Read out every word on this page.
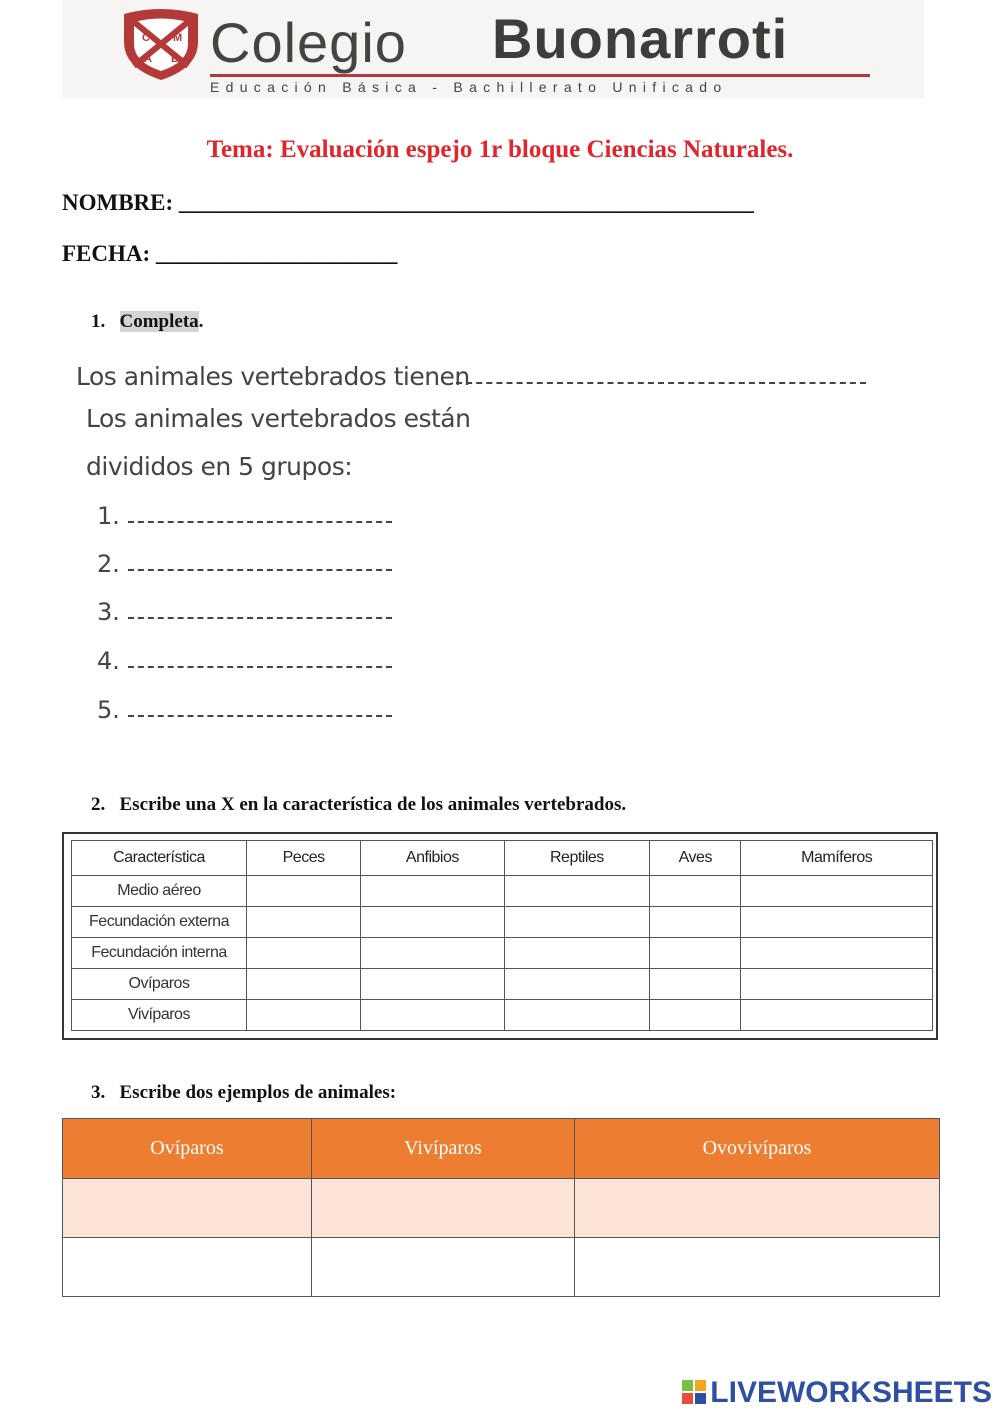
C M
A B Colegio Buonarroti
Educación Básica - Bachillerato Unificado
Tema: Evaluación espejo 1r bloque Ciencias Naturales.
NOMBRE: __________________________________________________
FECHA: _____________________
1. Completa.
Los animales vertebrados tienen
Los animales vertebrados están
divididos en 5 grupos:
1.
2.
3.
4.
5.
2. Escribe una X en la característica de los animales vertebrados.
Característica	Peces	Anfibios	Reptiles	Aves	Mamíferos
Medio aéreo					
Fecundación externa					
Fecundación interna					
Ovíparos					
Vivíparos					
3. Escribe dos ejemplos de animales:
Ovíparos	Vivíparos	Ovovivíparos

LIVEWORKSHEETS
